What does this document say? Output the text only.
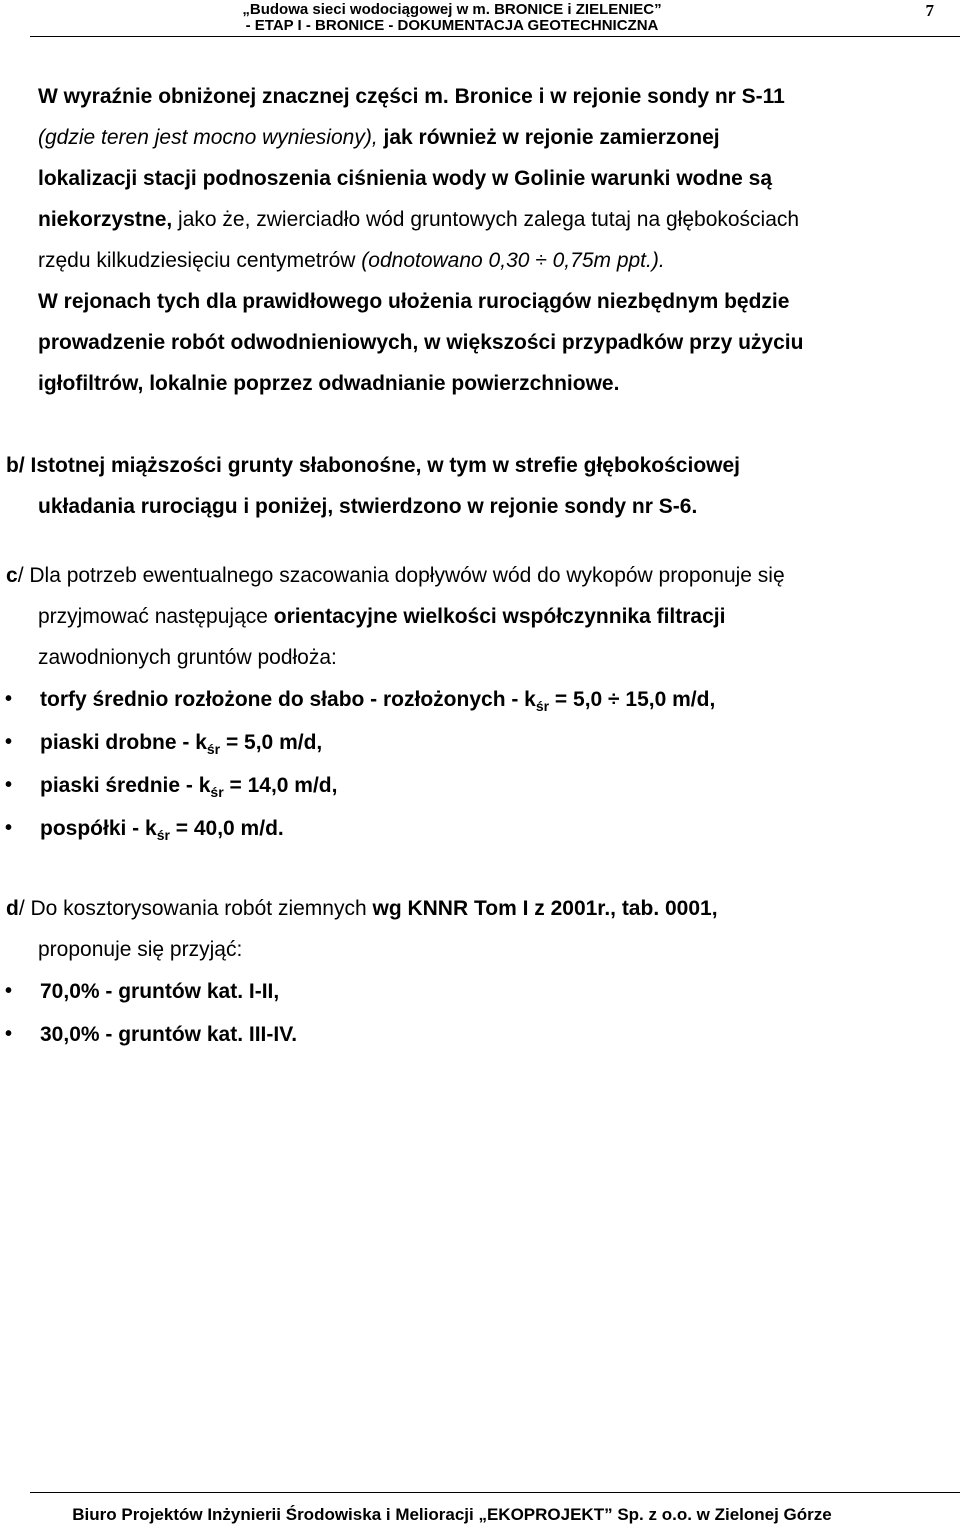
„Budowa sieci wodociągowej w m. BRONICE i ZIELENIEC”
- ETAP I - BRONICE - DOKUMENTACJA GEOTECHNICZNA
7
W wyraźnie obniżonej znacznej części m. Bronice i w rejonie sondy nr S-11
(gdzie teren jest mocno wyniesiony), jak również w rejonie zamierzonej
lokalizacji stacji podnoszenia ciśnienia wody w Golinie warunki wodne są
niekorzystne, jako że, zwierciadło wód gruntowych zalega tutaj na głębokościach
rzędu kilkudziesięciu centymetrów (odnotowano 0,30 ÷ 0,75m ppt.).
W rejonach tych dla prawidłowego ułożenia rurociągów niezbędnym będzie
prowadzenie robót odwodnieniowych, w większości przypadków przy użyciu
igłofiltrów, lokalnie poprzez odwadnianie powierzchniowe.
b/ Istotnej miąższości grunty słabonośne, w tym w strefie głębokościowej
układania rurociągu i poniżej, stwierdzono w rejonie sondy nr S-6.
c/ Dla potrzeb ewentualnego szacowania dopływów wód do wykopów proponuje się
przyjmować następujące orientacyjne wielkości współczynnika filtracji
zawodnionych gruntów podłoża:
• torfy średnio rozłożone do słabo - rozłożonych - $k_{śr} = 5,0 \div 15,0$ m/d,
• piaski drobne - $k_{śr} = 5,0$ m/d,
• piaski średnie - $k_{śr} = 14,0$ m/d,
• pospółki - $k_{śr} = 40,0$ m/d.
d/ Do kosztorysowania robót ziemnych wg KNNR Tom I z 2001r., tab. 0001,
proponuje się przyjąć:
• 70,0% - gruntów kat. I-II,
• 30,0% - gruntów kat. III-IV.
Biuro Projektów Inżynierii Środowiska i Melioracji „EKOPROJEKT” Sp. z o.o. w Zielonej Górze
